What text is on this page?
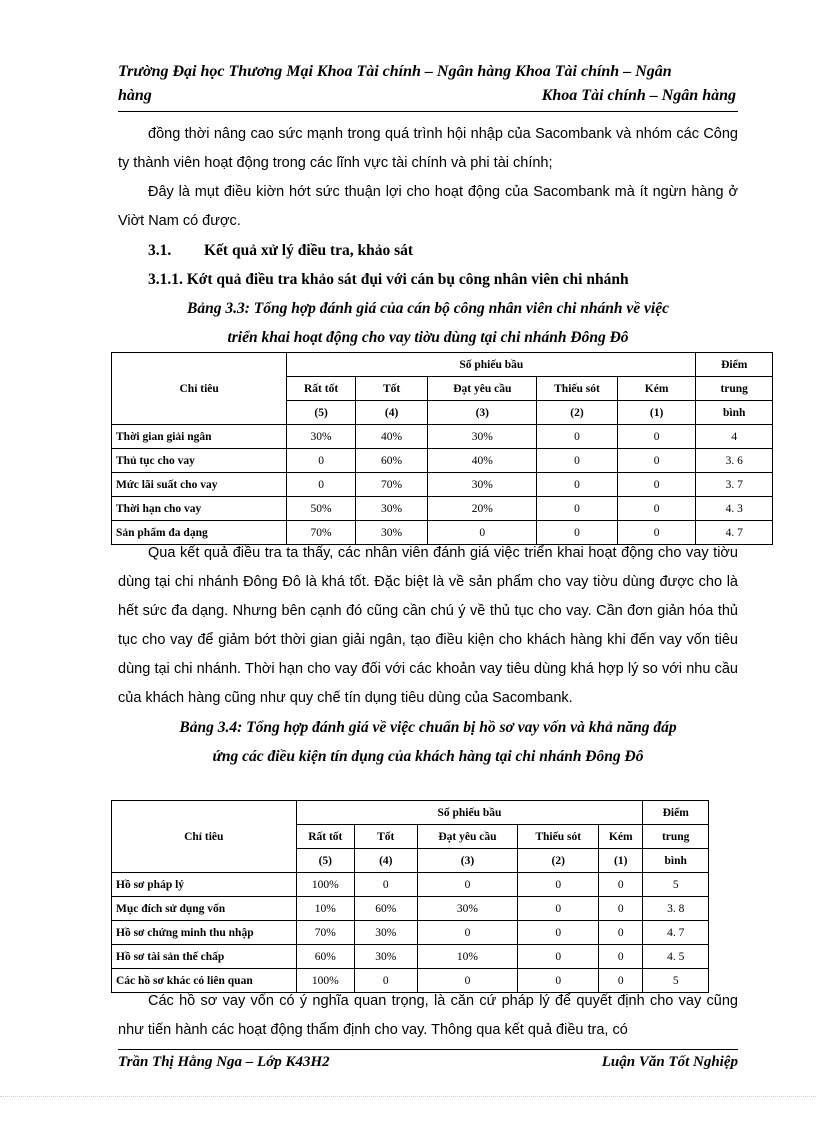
Trường Đại học Thương Mại Khoa Tài chính – Ngân hàng Khoa Tài chính – Ngân
hàng	Khoa Tài chính – Ngân hàng

đồng thời nâng cao sức mạnh trong quá trình hội nhập của Sacombank và nhóm các Công ty thành viên hoạt động trong các lĩnh vực tài chính và phi tài chính;

Đây là mụt điều kiờn hớt sức thuận lợi cho hoạt động của Sacombank mà ít ngừn hàng ở Viờt Nam có được.

3.1. Kết quả xử lý điều tra, khảo sát
3.1.1. Kớt quả điều tra khảo sát đụi với cán bụ công nhân viên chi nhánh
Bảng 3.3: Tổng hợp đánh giá của cán bộ công nhân viên chi nhánh về việc
triển khai hoạt động cho vay tiờu dùng tại chi nhánh Đông Đô
Chỉ tiêu	Số phiếu bầu					Điểm
	Rất tốt	Tốt	Đạt yêu cầu	Thiếu sót	Kém	trung
	(5)	(4)	(3)	(2)	(1)	bình
Thời gian giải ngân	30%	40%	30%	0	0	4
Thủ tục cho vay	0	60%	40%	0	0	3. 6
Mức lãi suất cho vay	0	70%	30%	0	0	3. 7
Thời hạn cho vay	50%	30%	20%	0	0	4. 3
Sản phẩm đa dạng	70%	30%	0	0	0	4. 7

Qua kết quả điều tra ta thấy, các nhân viên đánh giá việc triển khai hoạt động cho vay tiờu dùng tại chi nhánh Đông Đô là khá tốt. Đặc biệt là về sản phẩm cho vay tiờu dùng được cho là hết sức đa dạng. Nhưng bên cạnh đó cũng cần chú ý về thủ tục cho vay. Cần đơn giản hóa thủ tục cho vay để giảm bớt thời gian giải ngân, tạo điều kiện cho khách hàng khi đến vay vốn tiêu dùng tại chi nhánh. Thời hạn cho vay đối với các khoản vay tiêu dùng khá hợp lý so với nhu cầu của khách hàng cũng như quy chế tín dụng tiêu dùng của Sacombank.

Bảng 3.4: Tổng hợp đánh giá về việc chuẩn bị hồ sơ vay vốn và khả năng đáp
ứng các điều kiện tín dụng của khách hàng tại chi nhánh Đông Đô
Chỉ tiêu	Số phiếu bầu					Điểm
	Rất tốt	Tốt	Đạt yêu cầu	Thiếu sót	Kém	trung
	(5)	(4)	(3)	(2)	(1)	bình
Hồ sơ pháp lý	100%	0	0	0	0	5
Mục đích sử dụng vốn	10%	60%	30%	0	0	3. 8
Hồ sơ chứng minh thu nhập	70%	30%	0	0	0	4. 7
Hồ sơ tài sản thế chấp	60%	30%	10%	0	0	4. 5
Các hồ sơ khác có liên quan	100%	0	0	0	0	5

Các hồ sơ vay vốn có ý nghĩa quan trọng, là căn cứ pháp lý để quyết định cho vay cũng như tiến hành các hoạt động thẩm định cho vay. Thông qua kết quả điều tra, có

Trần Thị Hằng Nga – Lớp K43H2	Luận Văn Tốt Nghiệp
